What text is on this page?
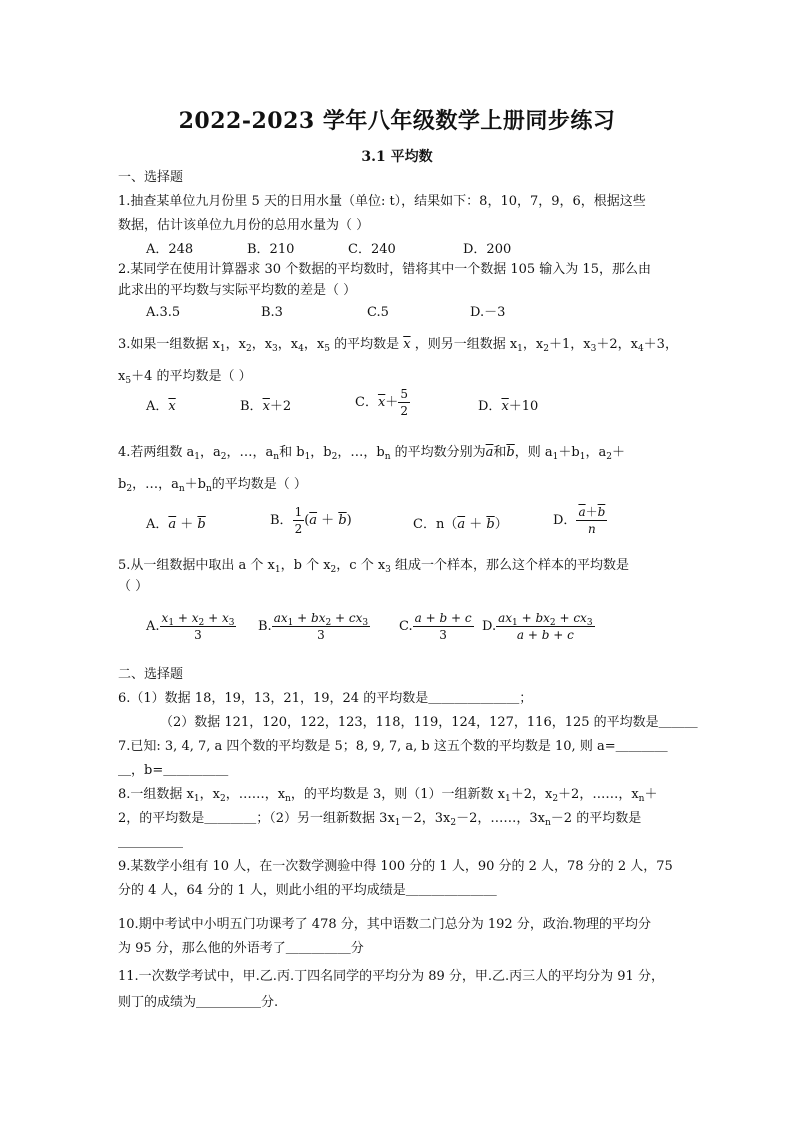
2022-2023 学年八年级数学上册同步练习
3.1 平均数
一、选择题
1.抽查某单位九月份里 5 天的日用水量（单位: t），结果如下：8，10，7，9，6，根据这些
数据，估计该单位九月份的总用水量为（ ）
A．248	B．210	C．240	D．200
2.某同学在使用计算器求 30 个数据的平均数时，错将其中一个数据 105 输入为 15，那么由
此求出的平均数与实际平均数的差是（ ）
A.3.5	B.3	C.5	D.－3
3.如果一组数据 $x_1$，$x_2$，$x_3$，$x_4$，$x_5$ 的平均数是 $\overline{x}$ ，则另一组数据 $x_1$，$x_2+1$，$x_3+2$，$x_4+3$，
$x_5+4$ 的平均数是（ ）
A．$\overline{x}$	B．$\overline{x}+2$	C．$\overline{x}+ \frac{5}{2}$	D．$\overline{x}+10$
4.若两组数 $a_1$，$a_2$，…，$a_n$和 $b_1$，$b_2$，…，$b_n$ 的平均数分别为$\overline{a}$和$\overline{b}$，则 $a_1+b_1$，$a_2+$
$b_2$，…，$a_n+b_n$的平均数是（ ）
A．$\overline{a} + \overline{b}$	B． $\frac{1}{2} (\overline{a} + \overline{b})$	C．$n(\overline{a} + \overline{b})$	D． $\frac{\overline{a}+\overline{b}}{n}$
5.从一组数据中取出 a 个 $x_1$，b 个 $x_2$，c 个 $x_3$ 组成一个样本，那么这个样本的平均数是
（ ）
A. $\frac{x_1 + x_2 + x_3}{3} B$. $\frac{ax_1 + bx_2 + cx_3}{3} C$. $\frac{a + b + c}{3} D$. $\frac{ax_1 + bx_2 + cx_3}{a + b + c}$
二、选择题
6.（1）数据 18，19，13，21，19，24 的平均数是＿＿＿＿＿＿＿；
（2）数据 121，120，122，123，118，119，124，127，116，125 的平均数是＿＿＿
7.已知: 3, 4, 7, a 四个数的平均数是 5；8, 9, 7, a, b 这五个数的平均数是 10, 则 a=＿＿＿＿
＿，b=＿＿＿＿＿
8.一组数据 $x_1$，$x_2$，……，$x_n$，的平均数是 3，则（1）一组新数 $x_1+2$，$x_2+2$，……，$x_n+$
2，的平均数是＿＿＿＿；（2）另一组新数据 $3x_1-2$，$3x_2-2$，……，$3x_n-2$ 的平均数是
＿＿＿＿＿
9.某数学小组有 10 人，在一次数学测验中得 100 分的 1 人，90 分的 2 人，78 分的 2 人，75
分的 4 人，64 分的 1 人，则此小组的平均成绩是＿＿＿＿＿＿＿
10.期中考试中小明五门功课考了 478 分，其中语数二门总分为 192 分，政治.物理的平均分
为 95 分，那么他的外语考了＿＿＿＿＿分
11.一次数学考试中，甲.乙.丙.丁四名同学的平均分为 89 分，甲.乙.丙三人的平均分为 91 分，
则丁的成绩为＿＿＿＿＿分.
